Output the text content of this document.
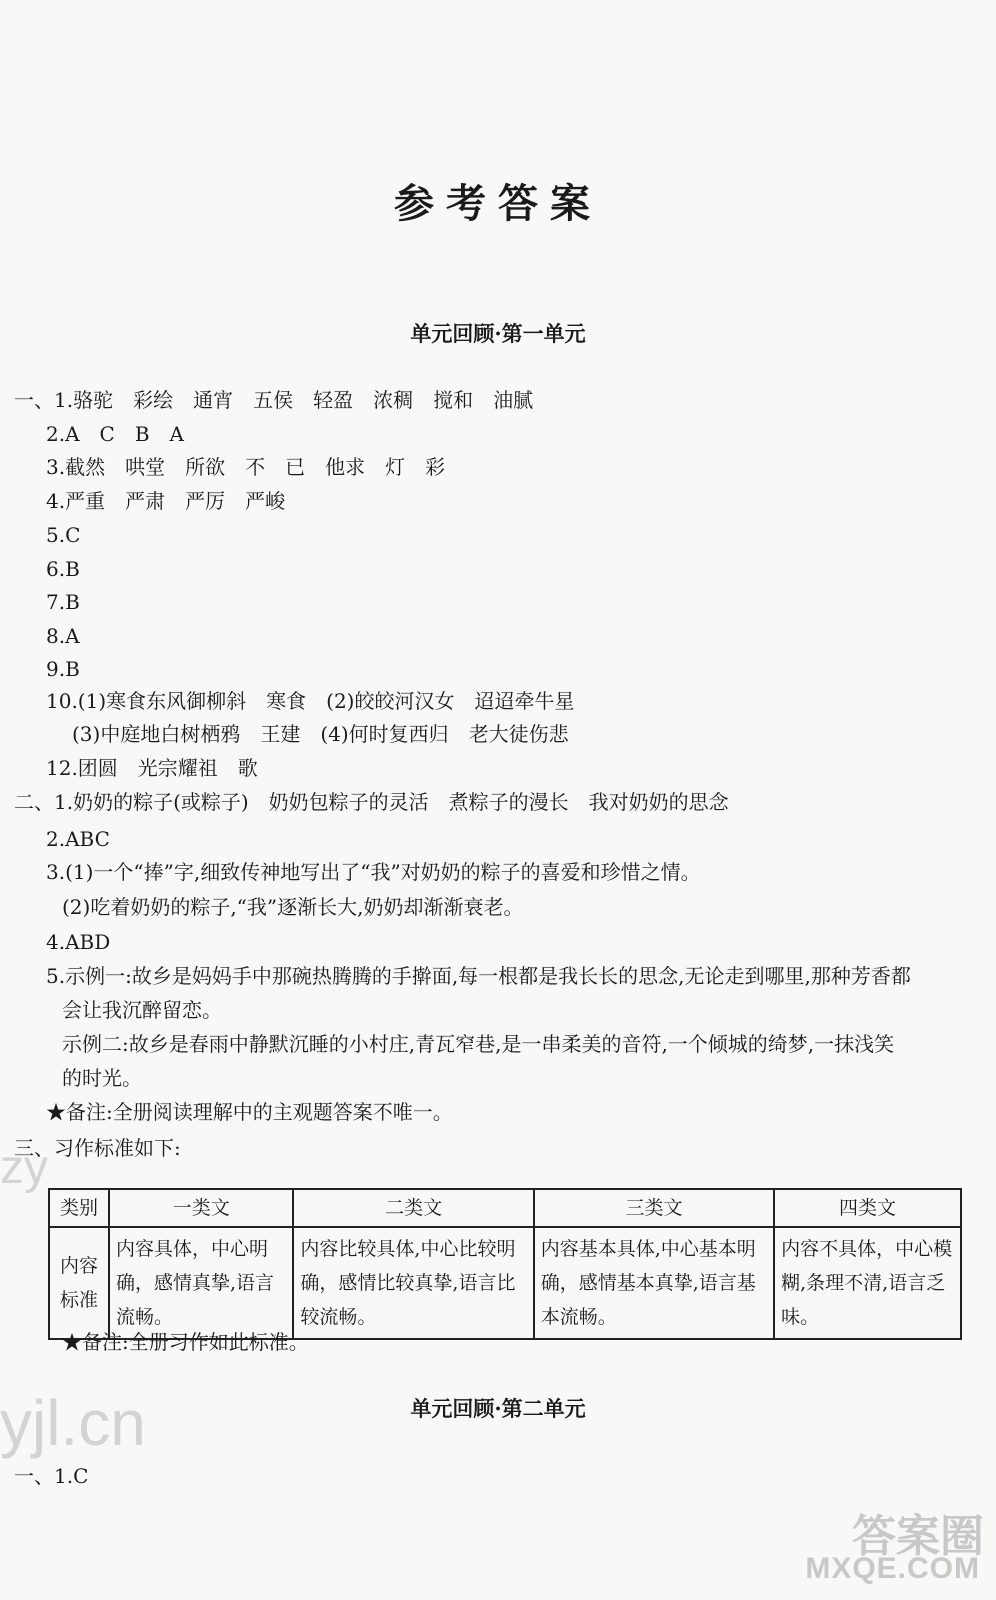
参考答案
单元回顾·第一单元
一、1.骆驼　彩绘　通宵　五侯　轻盈　浓稠　搅和　油腻
2.A　C　B　A
3.截然　哄堂　所欲　不　已　他求　灯　彩
4.严重　严肃　严厉　严峻
5.C
6.B
7.B
8.A
9.B
10.(1)寒食东风御柳斜　寒食　(2)皎皎河汉女　迢迢牵牛星
(3)中庭地白树栖鸦　王建　(4)何时复西归　老大徒伤悲
12.团圆　光宗耀祖　歌
二、1.奶奶的粽子(或粽子)　奶奶包粽子的灵活　煮粽子的漫长　我对奶奶的思念
2.ABC
3.(1)一个“捧”字,细致传神地写出了“我”对奶奶的粽子的喜爱和珍惜之情。
(2)吃着奶奶的粽子,“我”逐渐长大,奶奶却渐渐衰老。
4.ABD
5.示例一:故乡是妈妈手中那碗热腾腾的手擀面,每一根都是我长长的思念,无论走到哪里,那种芳香都
会让我沉醉留恋。
示例二:故乡是春雨中静默沉睡的小村庄,青瓦窄巷,是一串柔美的音符,一个倾城的绮梦,一抹浅笑
的时光。
★备注:全册阅读理解中的主观题答案不唯一。
三、习作标准如下:
类别	一类文	二类文	三类文	四类文
内容标准	内容具体，中心明确，感情真挚,语言流畅。	内容比较具体,中心比较明确，感情比较真挚,语言比较流畅。	内容基本具体,中心基本明确，感情基本真挚,语言基本流畅。	内容不具体，中心模糊,条理不清,语言乏味。
★备注:全册习作如此标准。
单元回顾·第二单元
一、1.C
zy
yjl.cn
答案圈
MXQE.COM
